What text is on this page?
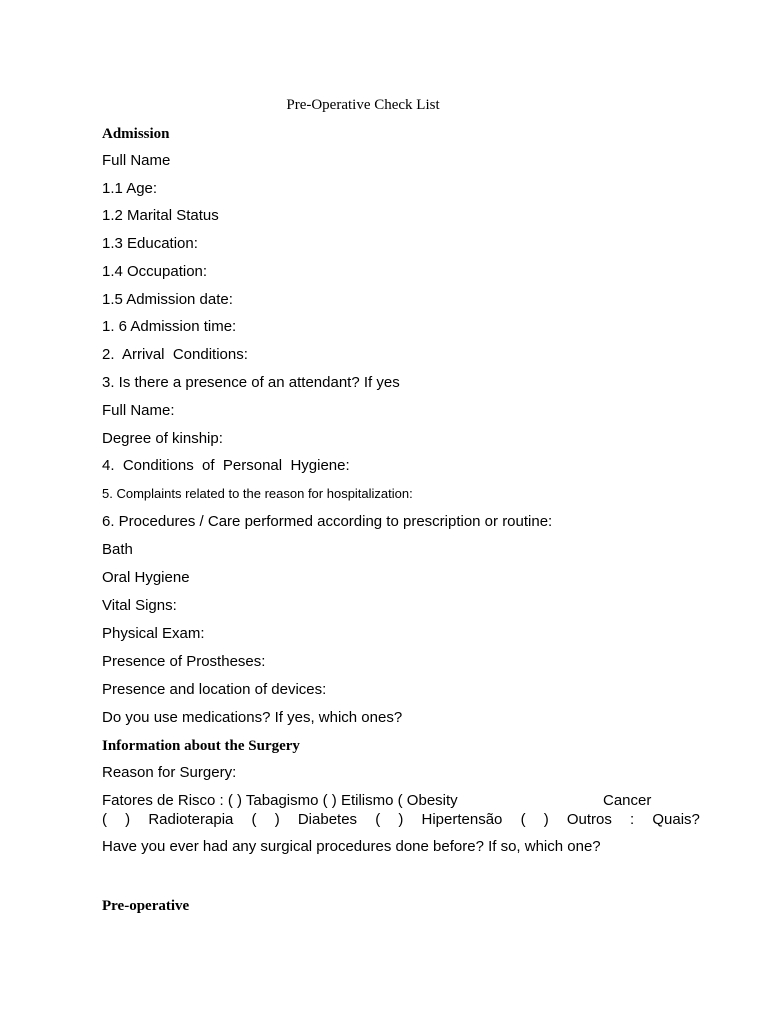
Pre-Operative Check List
Admission
Full Name
1.1 Age:
1.2 Marital Status
1.3 Education:
1.4 Occupation:
1.5 Admission date:
1. 6 Admission time:
2.  Arrival  Conditions:
3. Is there a presence of an attendant? If yes
Full Name:
Degree of kinship:
4.  Conditions  of  Personal  Hygiene:
5. Complaints related to the reason for hospitalization:
6. Procedures / Care performed according to prescription or routine:
Bath
Oral Hygiene
Vital Signs:
Physical Exam:
Presence of Prostheses:
Presence and location of devices:
Do you use medications? If yes, which ones?
Information about the Surgery
Reason for Surgery:
Fatores de Risco : ( ) Tabagismo ( ) Etilismo ( Obesity	Cancer
( ) Radioterapia ( ) Diabetes ( ) Hipertensão ( ) Outros : Quais?
Have you ever had any surgical procedures done before? If so, which one?
Pre-operative
